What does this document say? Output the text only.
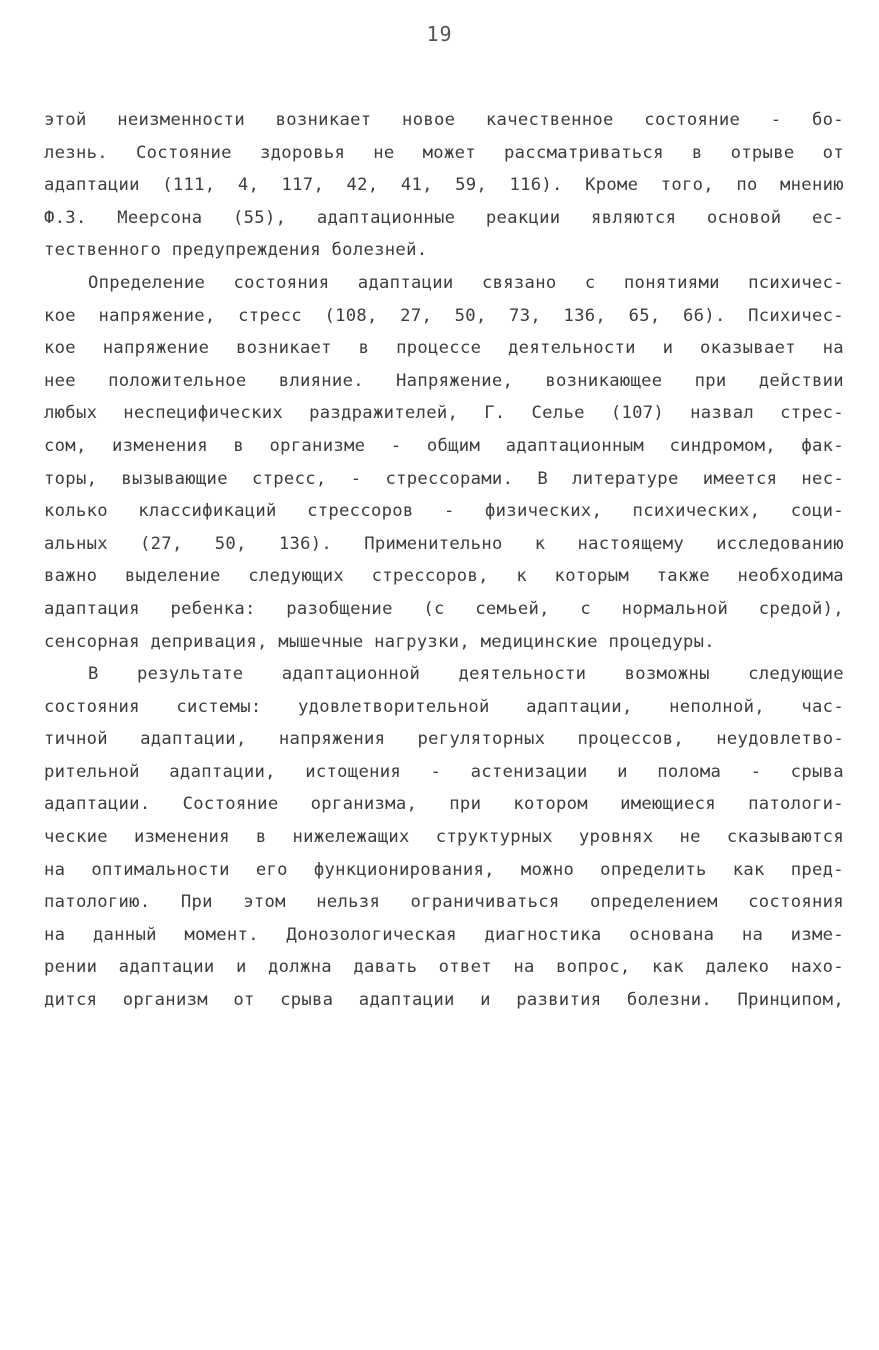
19
этой неизменности возникает новое качественное состояние - бо-
лезнь. Состояние здоровья не может рассматриваться в отрыве от
адаптации (111, 4, 117, 42, 41, 59, 116). Кроме того, по мнению
Ф.З. Меерсона (55), адаптационные реакции являются основой ес-
тественного
предупреждения
болезней.
Определение состояния адаптации связано с понятиями психичес-
кое напряжение, стресс (108, 27, 50, 73, 136, 65, 66). Психичес-
кое напряжение возникает в процессе деятельности и оказывает на
нее положительное влияние. Напряжение, возникающее при действии
любых неспецифических раздражителей, Г. Селье (107) назвал стрес-
сом, изменения в организме - общим адаптационным синдромом, фак-
торы, вызывающие стресс, - стрессорами. В литературе имеется нес-
колько классификаций стрессоров - физических, психических, соци-
альных (27, 50, 136). Применительно к настоящему исследованию
важно выделение следующих стрессоров, к которым также необходима
адаптация ребенка: разобщение (с семьей, с нормальной средой),
сенсорная
депривация,
мышечные
нагрузки,
медицинские
процедуры.
В результате адаптационной деятельности возможны следующие
состояния системы: удовлетворительной адаптации, неполной, час-
тичной адаптации, напряжения регуляторных процессов, неудовлетво-
рительной адаптации, истощения - астенизации и полома - срыва
адаптации. Состояние организма, при котором имеющиеся патологи-
ческие изменения в нижележащих структурных уровнях не сказываются
на оптимальности его функционирования, можно определить как пред-
патологию. При этом нельзя ограничиваться определением состояния
на данный момент. Донозологическая диагностика основана на изме-
рении адаптации и должна давать ответ на вопрос, как далеко нахо-
дится организм от срыва адаптации и развития болезни. Принципом,
